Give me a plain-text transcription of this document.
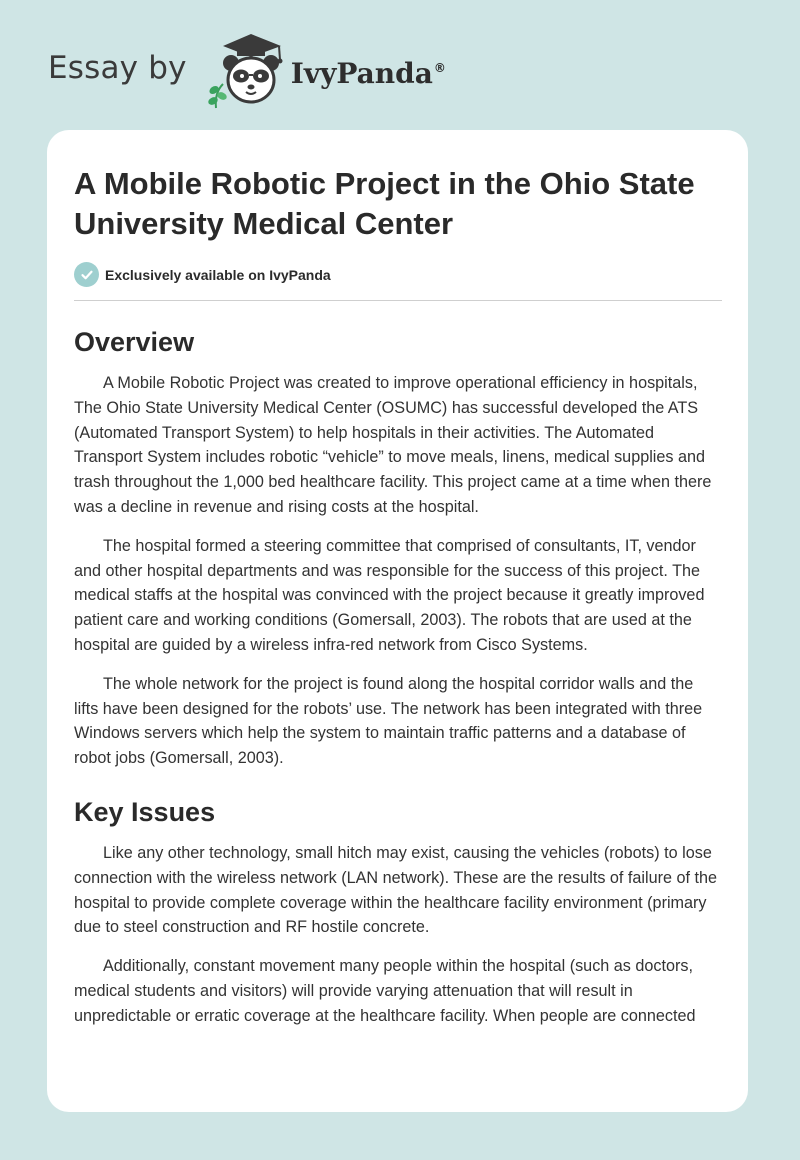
Essay by	IvyPanda®
A Mobile Robotic Project in the Ohio State University Medical Center
Exclusively available on IvyPanda
Overview

A Mobile Robotic Project was created to improve operational efficiency in hospitals, The Ohio State University Medical Center (OSUMC) has successful developed the ATS (Automated Transport System) to help hospitals in their activities. The Automated Transport System includes robotic “vehicle” to move meals, linens, medical supplies and trash throughout the 1,000 bed healthcare facility. This project came at a time when there was a decline in revenue and rising costs at the hospital.

The hospital formed a steering committee that comprised of consultants, IT, vendor and other hospital departments and was responsible for the success of this project. The medical staffs at the hospital was convinced with the project because it greatly improved patient care and working conditions (Gomersall, 2003). The robots that are used at the hospital are guided by a wireless infra-red network from Cisco Systems.

The whole network for the project is found along the hospital corridor walls and the lifts have been designed for the robots’ use. The network has been integrated with three Windows servers which help the system to maintain traffic patterns and a database of robot jobs (Gomersall, 2003).

Key Issues

Like any other technology, small hitch may exist, causing the vehicles (robots) to lose connection with the wireless network (LAN network). These are the results of failure of the hospital to provide complete coverage within the healthcare facility environment (primary due to steel construction and RF hostile concrete.

Additionally, constant movement many people within the hospital (such as doctors, medical students and visitors) will provide varying attenuation that will result in unpredictable or erratic coverage at the healthcare facility. When people are connected
